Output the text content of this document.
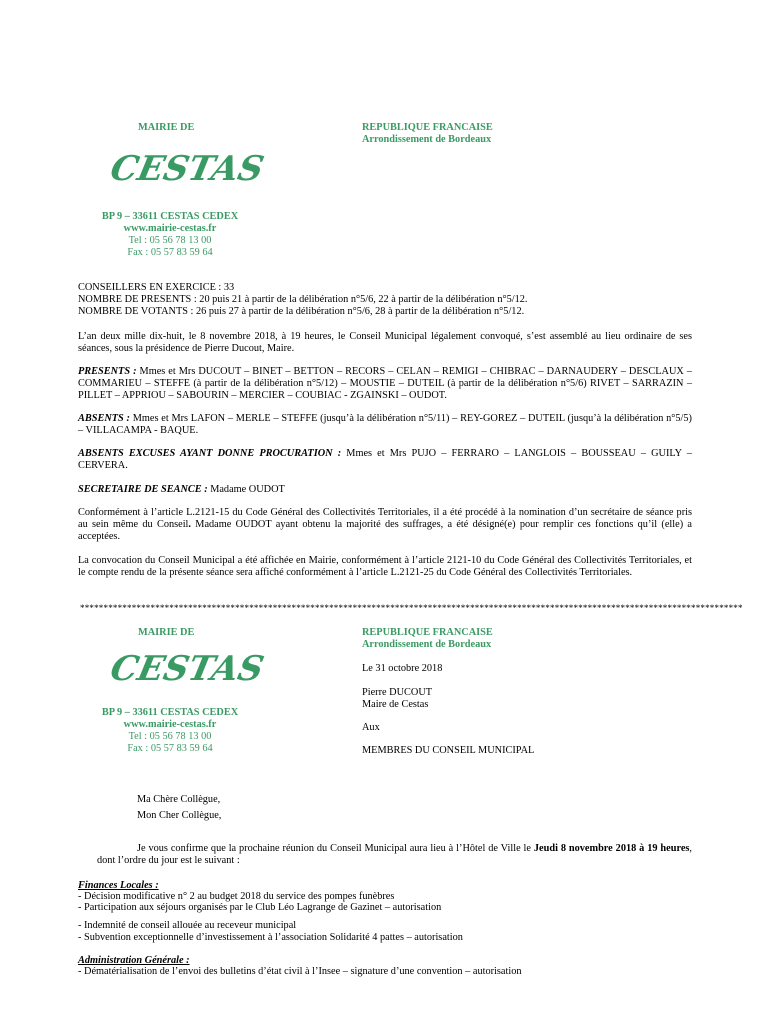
MAIRIE DE
CESTAS
REPUBLIQUE FRANCAISE
Arrondissement de Bordeaux
BP 9 – 33611 CESTAS CEDEX
www.mairie-cestas.fr
Tel : 05 56 78 13 00
Fax : 05 57 83 59 64
CONSEILLERS EN EXERCICE : 33
NOMBRE DE PRESENTS : 20 puis 21 à partir de la délibération n°5/6, 22 à partir de la délibération n°5/12.
NOMBRE DE VOTANTS : 26 puis 27 à partir de la délibération n°5/6, 28 à partir de la délibération n°5/12.
L’an deux mille dix-huit, le 8 novembre 2018, à 19 heures, le Conseil Municipal légalement convoqué, s’est assemblé au lieu ordinaire de ses séances, sous la présidence de Pierre Ducout, Maire.
PRESENTS : Mmes et Mrs DUCOUT – BINET – BETTON – RECORS – CELAN – REMIGI – CHIBRAC – DARNAUDERY – DESCLAUX – COMMARIEU – STEFFE (à partir de la délibération n°5/12) – MOUSTIE – DUTEIL (à partir de la délibération n°5/6) RIVET – SARRAZIN – PILLET – APPRIOU – SABOURIN – MERCIER – COUBIAC - ZGAINSKI – OUDOT.
ABSENTS : Mmes et Mrs LAFON – MERLE – STEFFE (jusqu’à la délibération n°5/11) – REY-GOREZ – DUTEIL (jusqu’à la délibération n°5/5) – VILLACAMPA - BAQUE.
ABSENTS EXCUSES AYANT DONNE PROCURATION : Mmes et Mrs PUJO – FERRARO – LANGLOIS – BOUSSEAU – GUILY – CERVERA.
SECRETAIRE DE SEANCE : Madame OUDOT
Conformément à l’article L.2121-15 du Code Général des Collectivités Territoriales, il a été procédé à la nomination d’un secrétaire de séance pris au sein même du Conseil. Madame OUDOT ayant obtenu la majorité des suffrages, a été désigné(e) pour remplir ces fonctions qu’il (elle) a acceptées.
La convocation du Conseil Municipal a été affichée en Mairie, conformément à l’article 2121-10 du Code Général des Collectivités Territoriales, et le compte rendu de la présente séance sera affiché conformément à l’article L.2121-25 du Code Général des Collectivités Territoriales.
*********************************************************************************************************************************************
MAIRIE DE
CESTAS
REPUBLIQUE FRANCAISE
Arrondissement de Bordeaux
Le 31 octobre 2018
Pierre DUCOUT
Maire de Cestas
Aux
MEMBRES DU CONSEIL MUNICIPAL
BP 9 – 33611 CESTAS CEDEX
www.mairie-cestas.fr
Tel : 05 56 78 13 00
Fax : 05 57 83 59 64
Ma Chère Collègue,
Mon Cher Collègue,
Je vous confirme que la prochaine réunion du Conseil Municipal aura lieu à l’Hôtel de Ville le Jeudi 8 novembre 2018 à 19 heures, dont l’ordre du jour est le suivant :
Finances Locales :
- Décision modificative n° 2 au budget 2018 du service des pompes funèbres
- Participation aux séjours organisés par le Club Léo Lagrange de Gazinet – autorisation
- Indemnité de conseil allouée au receveur municipal
- Subvention exceptionnelle d’investissement à l’association Solidarité 4 pattes – autorisation
Administration Générale :
- Dématérialisation de l’envoi des bulletins d’état civil à l’Insee – signature d’une convention – autorisation
